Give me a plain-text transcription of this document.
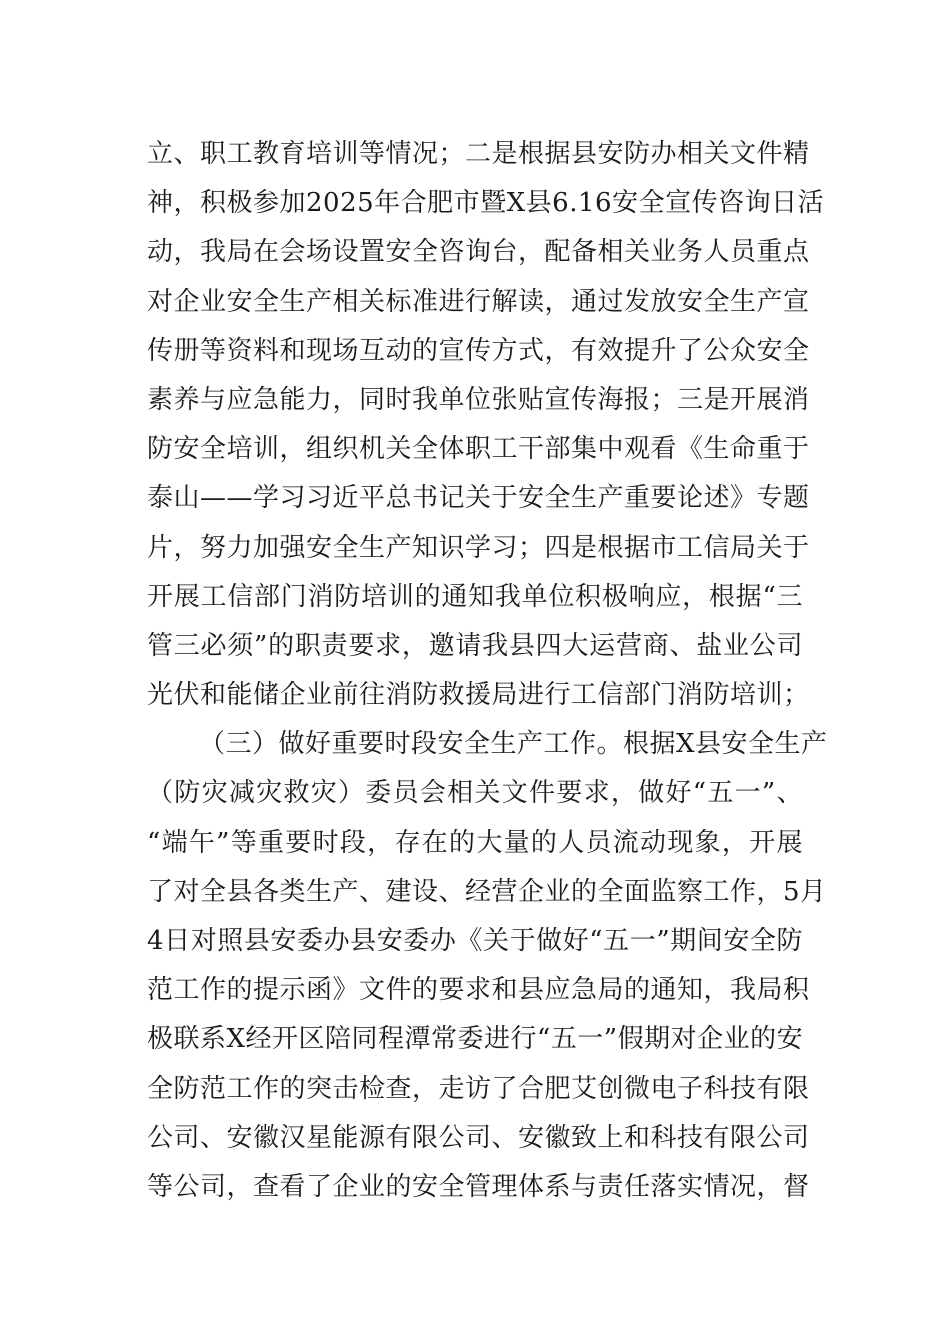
立、职工教育培训等情况；二是根据县安防办相关文件精
神，积极参加2025年合肥市暨X县6.16安全宣传咨询日活
动，我局在会场设置安全咨询台，配备相关业务人员重点
对企业安全生产相关标准进行解读，通过发放安全生产宣
传册等资料和现场互动的宣传方式，有效提升了公众安全
素养与应急能力，同时我单位张贴宣传海报；三是开展消
防安全培训，组织机关全体职工干部集中观看《生命重于
泰山——学习习近平总书记关于安全生产重要论述》专题
片，努力加强安全生产知识学习；四是根据市工信局关于
开展工信部门消防培训的通知我单位积极响应，根据“三
管三必须”的职责要求，邀请我县四大运营商、盐业公司
光伏和能储企业前往消防救援局进行工信部门消防培训；
（三）做好重要时段安全生产工作。根据X县安全生产
（防灾减灾救灾）委员会相关文件要求，做好“五一”、
“端午”等重要时段，存在的大量的人员流动现象，开展
了对全县各类生产、建设、经营企业的全面监察工作，5月
4日对照县安委办县安委办《关于做好“五一”期间安全防
范工作的提示函》文件的要求和县应急局的通知，我局积
极联系X经开区陪同程潭常委进行“五一”假期对企业的安
全防范工作的突击检查，走访了合肥艾创微电子科技有限
公司、安徽汉星能源有限公司、安徽致上和科技有限公司
等公司，查看了企业的安全管理体系与责任落实情况，督
